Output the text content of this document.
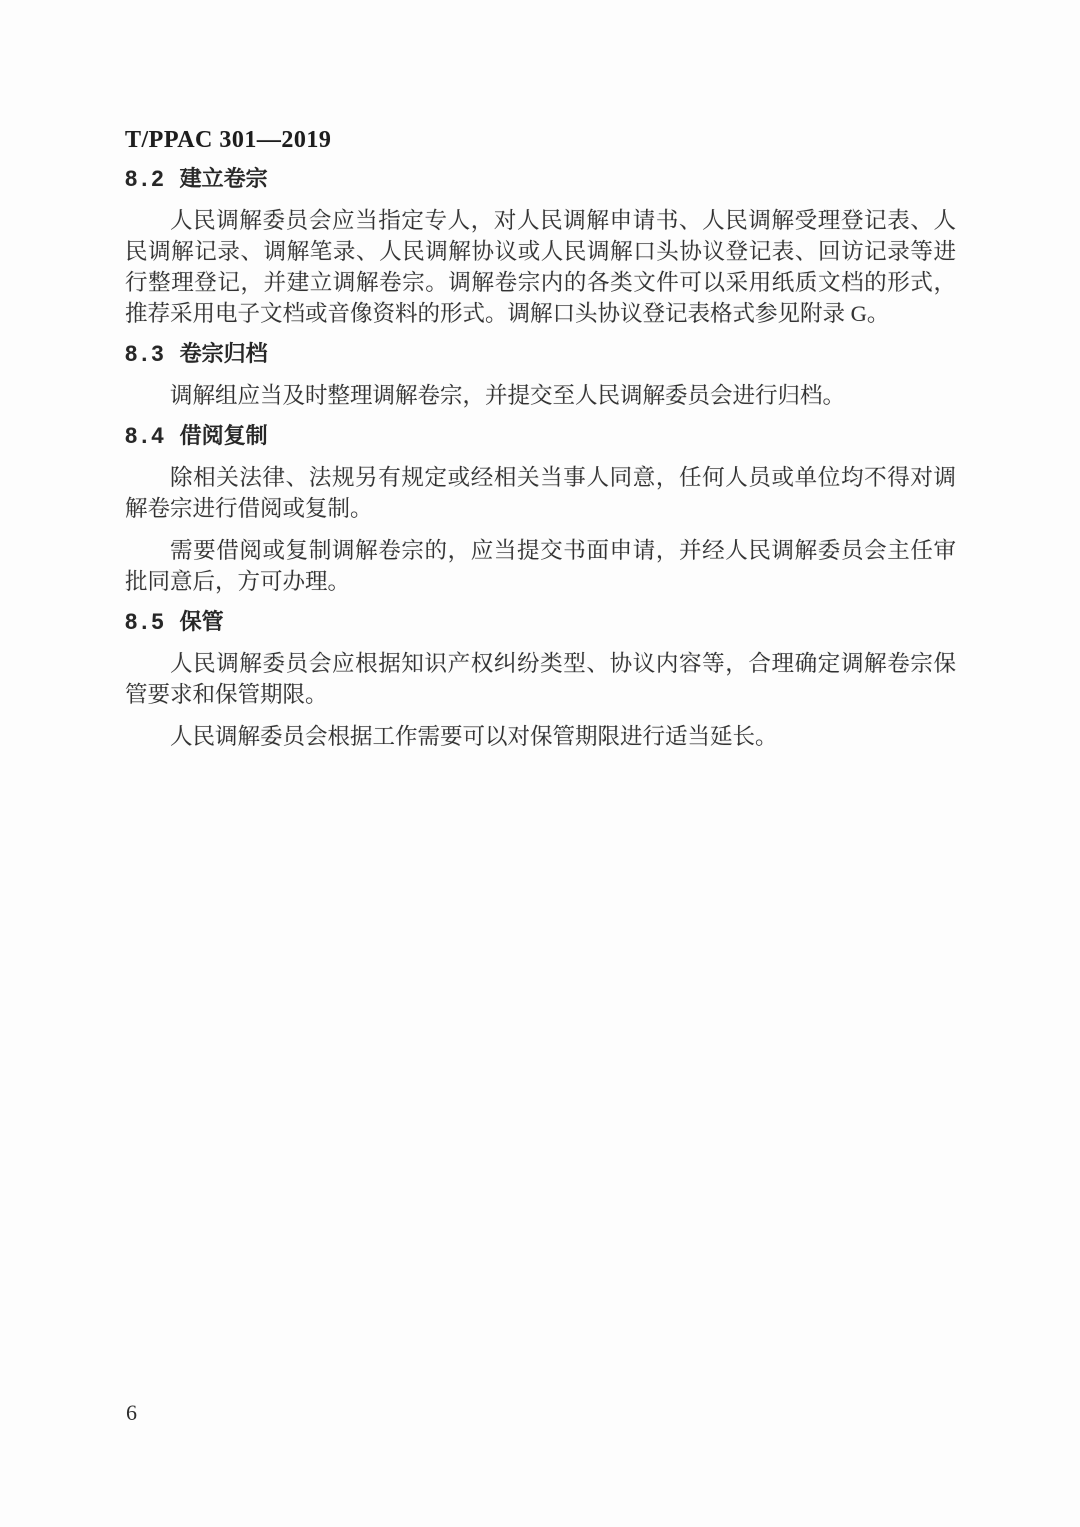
T/PPAC 301—2019
8.2 建立卷宗

人民调解委员会应当指定专人，对人民调解申请书、人民调解受理登记表、人民调解记录、调解笔录、人民调解协议或人民调解口头协议登记表、回访记录等进行整理登记，并建立调解卷宗。调解卷宗内的各类文件可以采用纸质文档的形式，推荐采用电子文档或音像资料的形式。调解口头协议登记表格式参见附录 G。

8.3 卷宗归档

调解组应当及时整理调解卷宗，并提交至人民调解委员会进行归档。

8.4 借阅复制

除相关法律、法规另有规定或经相关当事人同意，任何人员或单位均不得对调解卷宗进行借阅或复制。

需要借阅或复制调解卷宗的，应当提交书面申请，并经人民调解委员会主任审批同意后，方可办理。

8.5 保管

人民调解委员会应根据知识产权纠纷类型、协议内容等，合理确定调解卷宗保管要求和保管期限。

人民调解委员会根据工作需要可以对保管期限进行适当延长。

6
